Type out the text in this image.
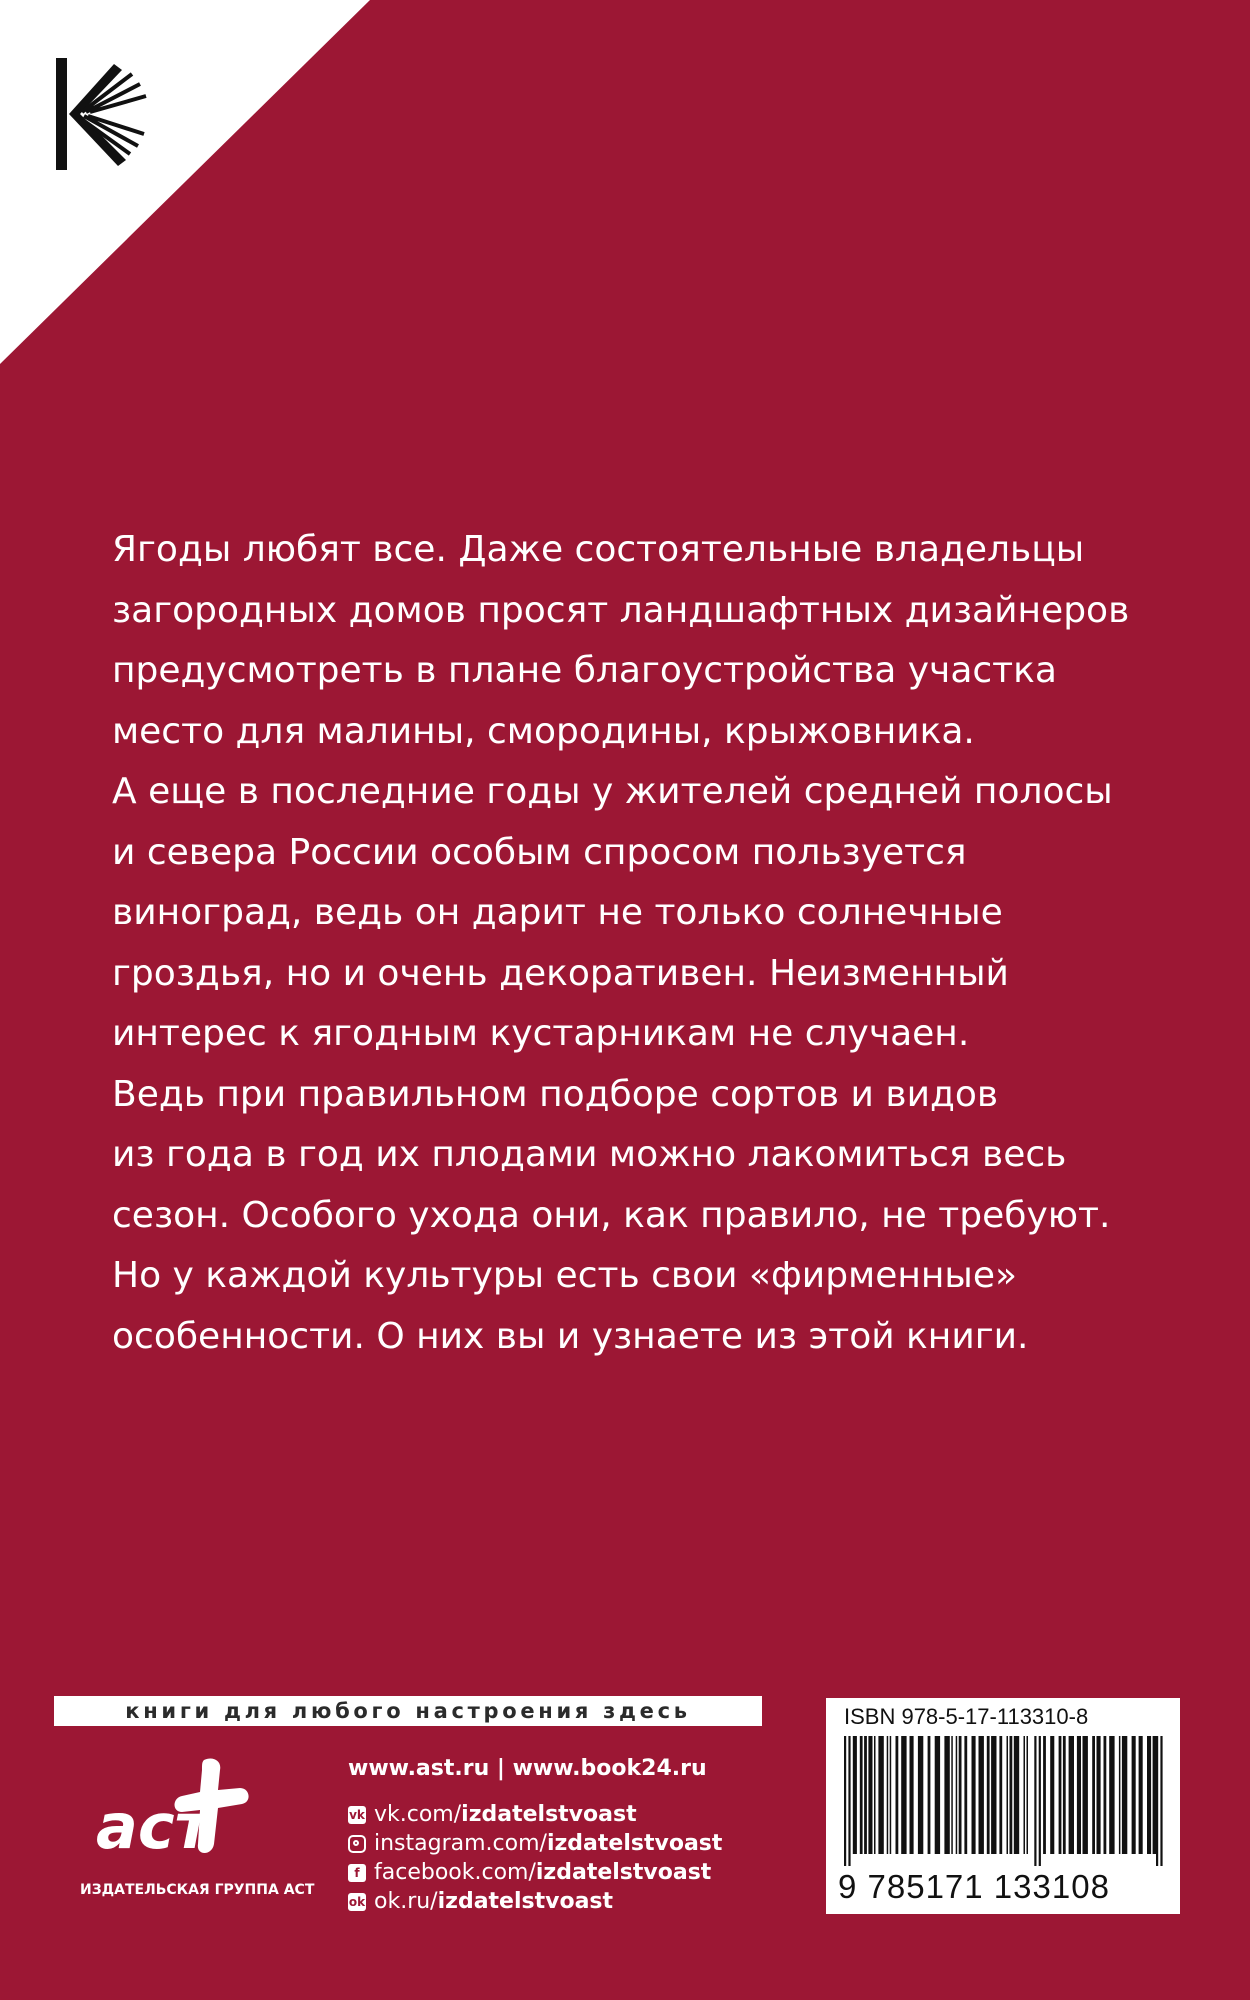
Ягоды любят все. Даже состоятельные владельцы

загородных домов просят ландшафтных дизайнеров

предусмотреть в плане благоустройства участка

место для малины, смородины, крыжовника.

А еще в последние годы у жителей средней полосы

и севера России особым спросом пользуется

виноград, ведь он дарит не только солнечные

гроздья, но и очень декоративен. Неизменный

интерес к ягодным кустарникам не случаен.

Ведь при правильном подборе сортов и видов

из года в год их плодами можно лакомиться весь

сезон. Особого ухода они, как правило, не требуют.

Но у каждой культуры есть свои «фирменные»

особенности. О них вы и узнаете из этой книги.

книги для любого настроения здесь
аст
ИЗДАТЕЛЬСКАЯ ГРУППА АСТ
www.ast.ru | www.book24.ru
vk vk.com/ izdatelstvoast
instagram.com/ izdatelstvoast
f facebook.com/ izdatelstvoast
ok ok.ru/ izdatelstvoast
ISBN 978-5-17-113310-8
9 785171 133108
